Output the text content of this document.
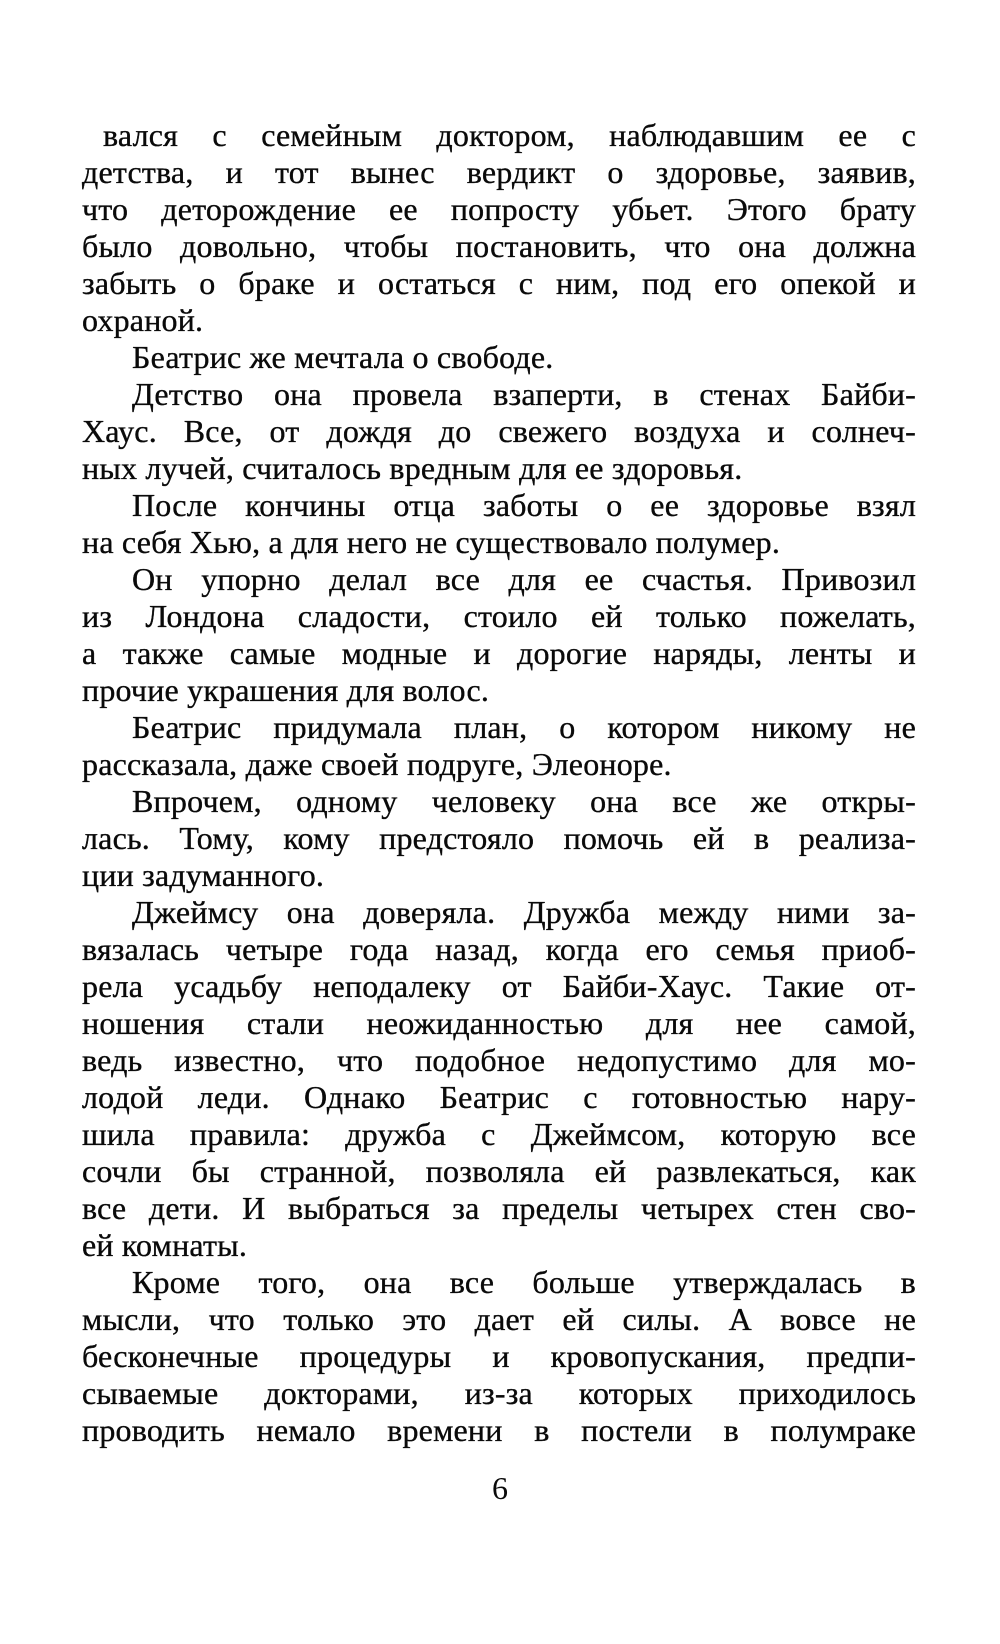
вался с семейным доктором, наблюдавшим ее с
детства, и тот вынес вердикт о здоровье, заявив,
что деторождение ее попросту убьет. Этого брату
было довольно, чтобы постановить, что она должна
забыть о браке и остаться с ним, под его опекой и
охраной.
Беатрис же мечтала о свободе.
Детство она провела взаперти, в стенах Байби-
Хаус. Все, от дождя до свежего воздуха и солнеч-
ных лучей, считалось вредным для ее здоровья.
После кончины отца заботы о ее здоровье взял
на себя Хью, а для него не существовало полумер.
Он упорно делал все для ее счастья. Привозил
из Лондона сладости, стоило ей только пожелать,
а также самые модные и дорогие наряды, ленты и
прочие украшения для волос.
Беатрис придумала план, о котором никому не
рассказала, даже своей подруге, Элеоноре.
Впрочем, одному человеку она все же откры-
лась. Тому, кому предстояло помочь ей в реализа-
ции задуманного.
Джеймсу она доверяла. Дружба между ними за-
вязалась четыре года назад, когда его семья приоб-
рела усадьбу неподалеку от Байби-Хаус. Такие от-
ношения стали неожиданностью для нее самой,
ведь известно, что подобное недопустимо для мо-
лодой леди. Однако Беатрис с готовностью нару-
шила правила: дружба с Джеймсом, которую все
сочли бы странной, позволяла ей развлекаться, как
все дети. И выбраться за пределы четырех стен сво-
ей комнаты.
Кроме того, она все больше утверждалась в
мысли, что только это дает ей силы. А вовсе не
бесконечные процедуры и кровопускания, предпи-
сываемые докторами, из-за которых приходилось
проводить немало времени в постели в полумраке
6
